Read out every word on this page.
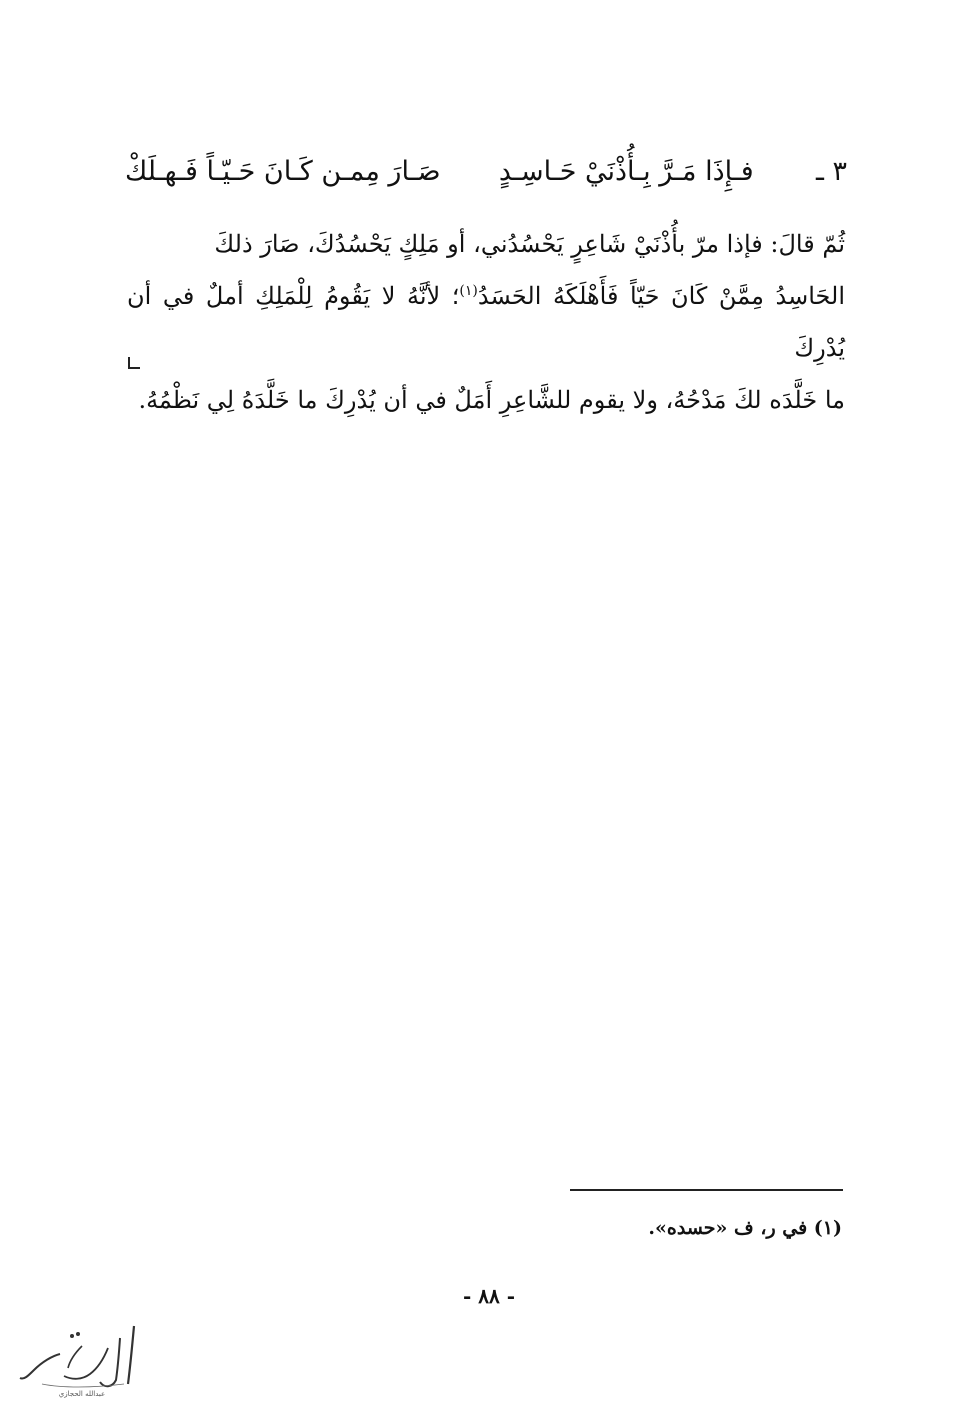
٣ ـ
فـإِذَا مَـرَّ بِـأُذْنَيْ حَـاسِـدٍ
صَـارَ مِمـن كَـانَ حَـيّـاً فَـهـلَكْ

ثُمّ قالَ: فإذا مرّ بأُذْنَيْ شَاعِرٍ يَحْسُدُني، أو مَلِكٍ يَحْسُدُكَ، صَارَ ذلكَ

الحَاسِدُ مِمَّنْ كَانَ حَيّاً فَأَهْلَكَهُ الحَسَدُ$^{(١)}$؛ لأنَّهُ لا يَقُومُ لِلْمَلِكِ أملٌ في أن يُدْرِكَ

ما خَلَّدَه لكَ مَدْحُهُ، ولا يقوم للشَّاعِرِ أَمَلٌ في أن يُدْرِكَ ما خَلَّدَهُ لِي نَظْمُهُ.

(١) في ر، ف «حسده».
- ٨٨ -
عبدالله الحجازي
